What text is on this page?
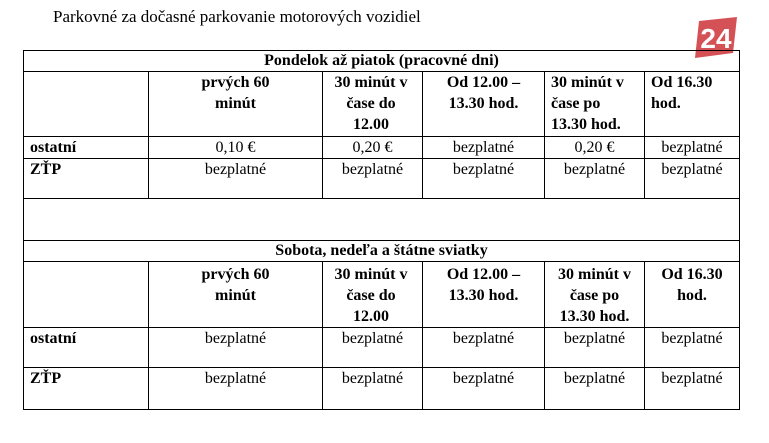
Parkovné za dočasné parkovanie motorových vozidiel
24
Pondelok až piatok (pracovné dni)					

	prvých 60 minút	30 minút v čase do 12.00	Od 12.00 – 13.30 hod.	30 minút v čase po 13.30 hod.	Od 16.30 hod.

ostatní	0,10 €	0,20 €	bezplatné	0,20 €	bezplatné
ZŤP	bezplatné	bezplatné	bezplatné	bezplatné	bezplatné

Sobota, nedeľa a štátne sviatky					

	prvých 60 minút	30 minút v čase do 12.00	Od 12.00 – 13.30 hod.	30 minút v čase po 13.30 hod.	Od 16.30 hod.

ostatní	bezplatné	bezplatné	bezplatné	bezplatné	bezplatné
ZŤP	bezplatné	bezplatné	bezplatné	bezplatné	bezplatné
